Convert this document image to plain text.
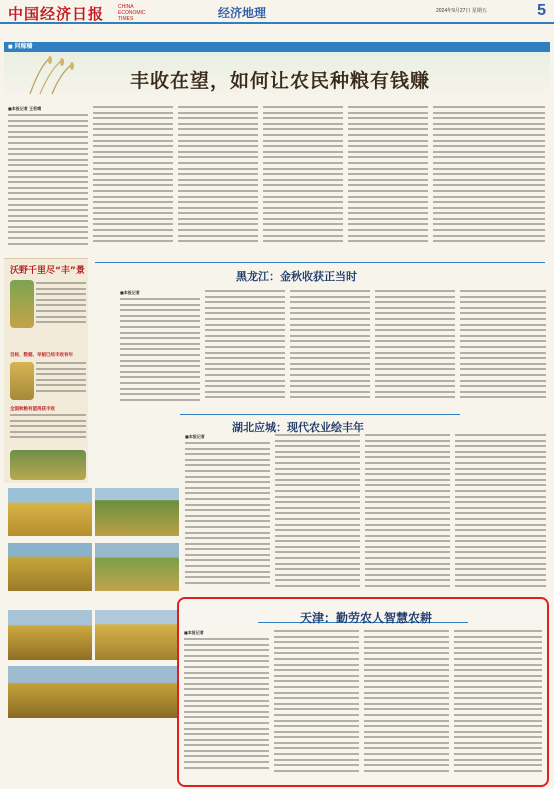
中国经济日报	CHINA ECONOMIC TIMES	经济地理	2024年9月27日 星期五	5
■ 问稼穑
丰收在望，如何让农民种粮有钱赚
■本报记者 王若晴
沃野千里尽“丰”景
目标、数据、早稻已经丰收有年
全国秋粮有望再获丰收
黑龙江：金秋收获正当时
■本报记者
湖北应城：现代农业绘丰年
■本报记者
天津：勤劳农人智慧农耕
■本报记者
